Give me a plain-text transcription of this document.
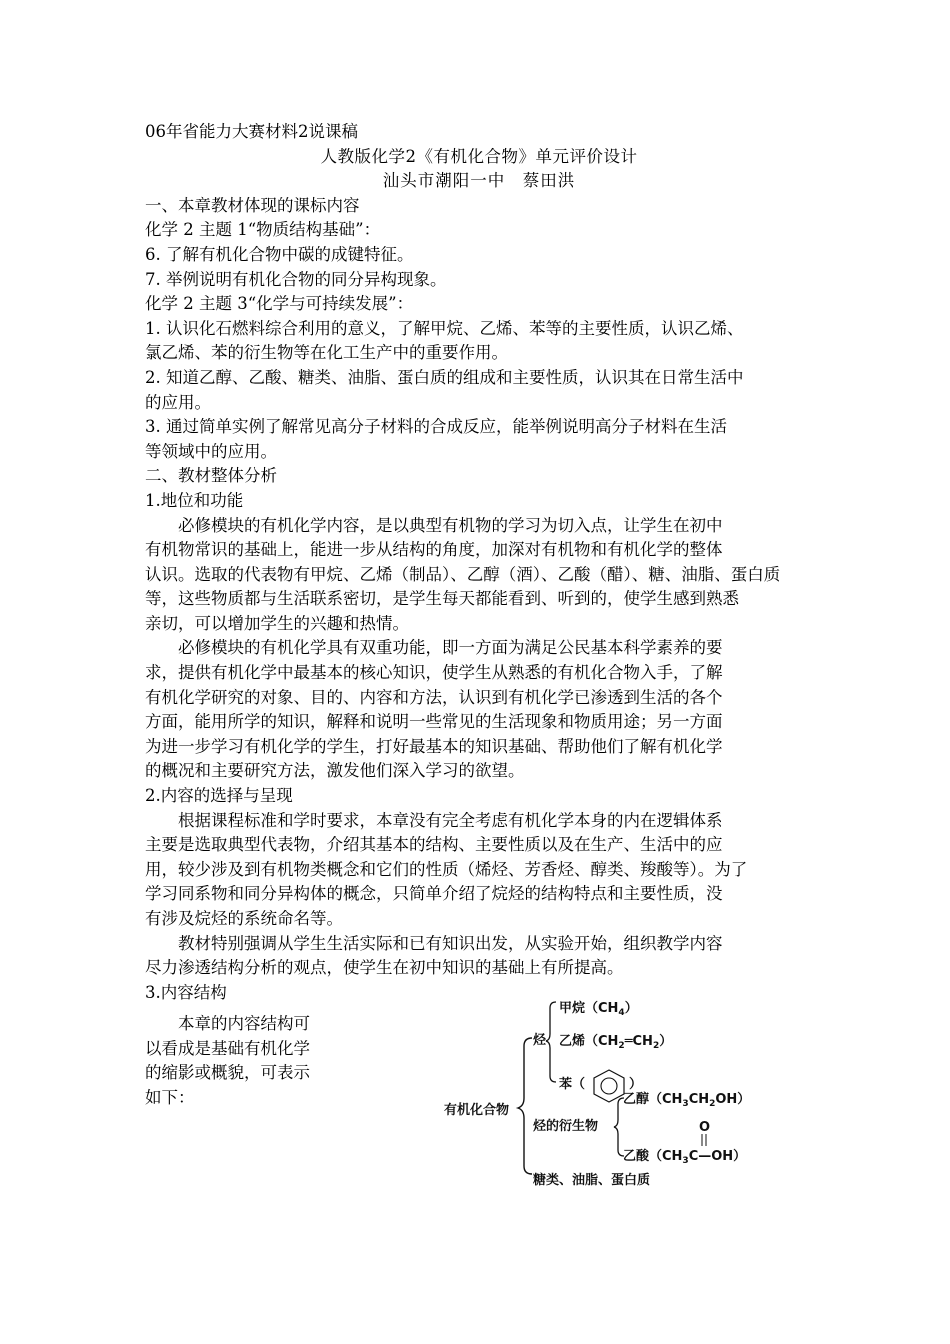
06年省能力大赛材料2说课稿
人教版化学2《有机化合物》单元评价设计
汕头市潮阳一中　蔡田洪
一、本章教材体现的课标内容
化学 2 主题 1“物质结构基础”：
6. 了解有机化合物中碳的成键特征。
7. 举例说明有机化合物的同分异构现象。
化学 2 主题 3“化学与可持续发展”：
1. 认识化石燃料综合利用的意义，了解甲烷、乙烯、苯等的主要性质，认识乙烯、
氯乙烯、苯的衍生物等在化工生产中的重要作用。
2. 知道乙醇、乙酸、糖类、油脂、蛋白质的组成和主要性质，认识其在日常生活中
的应用。
3. 通过简单实例了解常见高分子材料的合成反应，能举例说明高分子材料在生活
等领域中的应用。
二、教材整体分析
1.地位和功能
必修模块的有机化学内容，是以典型有机物的学习为切入点，让学生在初中
有机物常识的基础上，能进一步从结构的角度，加深对有机物和有机化学的整体
认识。选取的代表物有甲烷、乙烯（制品）、乙醇（酒）、乙酸（醋）、糖、油脂、蛋白质
等，这些物质都与生活联系密切，是学生每天都能看到、听到的，使学生感到熟悉
亲切，可以增加学生的兴趣和热情。
必修模块的有机化学具有双重功能，即一方面为满足公民基本科学素养的要
求，提供有机化学中最基本的核心知识，使学生从熟悉的有机化合物入手，了解
有机化学研究的对象、目的、内容和方法，认识到有机化学已渗透到生活的各个
方面，能用所学的知识，解释和说明一些常见的生活现象和物质用途；另一方面
为进一步学习有机化学的学生，打好最基本的知识基础、帮助他们了解有机化学
的概况和主要研究方法，激发他们深入学习的欲望。
2.内容的选择与呈现
根据课程标准和学时要求，本章没有完全考虑有机化学本身的内在逻辑体系
主要是选取典型代表物，介绍其基本的结构、主要性质以及在生产、生活中的应
用，较少涉及到有机物类概念和它们的性质（烯烃、芳香烃、醇类、羧酸等）。为了
学习同系物和同分异构体的概念，只简单介绍了烷烃的结构特点和主要性质，没
有涉及烷烃的系统命名等。
教材特别强调从学生生活实际和已有知识出发，从实验开始，组织教学内容
尽力渗透结构分析的观点，使学生在初中知识的基础上有所提高。
3.内容结构
本章的内容结构可
以看成是基础有机化学
的缩影或概貌，可表示
如下：
有机化合物
烃
甲烷$(CH_4)$
乙烯$(CH_2═CH_2)$
苯（	）
烃的衍生物
乙醇$(CH_3CH_2OH)$
O
乙酸$(CH_3C—OH)$
糖类、油脂、蛋白质
